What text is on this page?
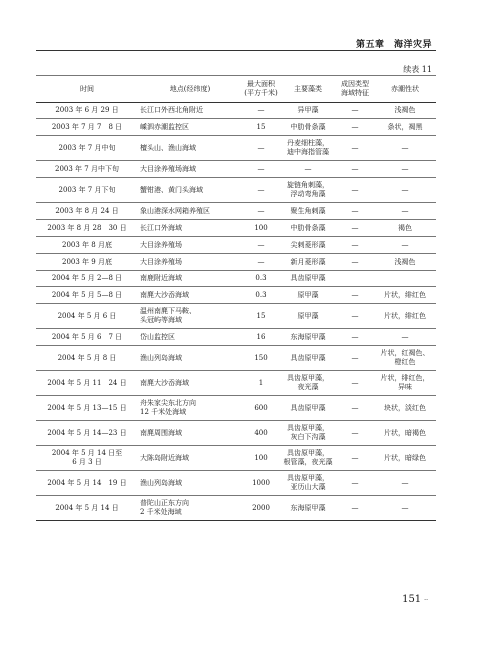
第五章　海洋灾异
续表 11
时间	地点(经纬度)	最大面积
(平方千米)	主要藻类	成因类型
海域特征	赤潮性状
2003 年 6 月 29 日	长江口外西北角附近	—	异甲藻	—	浅褐色
2003 年 7 月 7　8 日	嵊泗赤潮监控区	15	中肋骨条藻	—	条状，褐黑
2003 年 7 月中旬	檀头山、渔山海域	—	丹麦细柱藻，
迪中海指管藻	—	—
2003 年 7 月中下旬	大目涂养殖场海域	—	—	—	—
2003 年 7 月下旬	蟹钳港、黄门头海域	—	旋链角刺藻，
浮动弯角藻	—	—
2003 年 8 月 24 日	象山港深水网箱养殖区	—	聚生角刺藻	—	—
2003 年 8 月 28　30 日	长江口外海域	100	中肋骨条藻	—	褐色
2003 年 8 月底	大目涂养殖场	—	尖刺菱形藻	—	—
2003 年 9 月底	大目涂养殖场	—	新月菱形藻	—	浅褐色
2004 年 5 月 2—8 日	南鹿附近海域	0.3	具齿原甲藻		
2004 年 5 月 5—8 日	南麂大沙岙海域	0.3	原甲藻	—	片状，绯红色
2004 年 5 月 6 日	温州南麂下马鞍、
头冠屿等海域	15	原甲藻	—	片状，绯红色
2004 年 5 月 6　7 日	岱山监控区	16	东海原甲藻	—	—
2004 年 5 月 8 日	渔山列岛海域	150	具齿原甲藻	—	片状，红褐色、
橙红色
2004 年 5 月 11　24 日	南麂大沙岙海域	1	具齿原甲藻，
夜光藻	—	片状，绯红色，
异味
2004 年 5 月 13—15 日	舟朱家尖东北方向
12 千米处海域	600	具齿原甲藻	—	块状，淡红色
2004 年 5 月 14—23 日	南麂周围海域	400	具齿原甲藻，
灰白下沟藻	—	片状，暗褐色
2004 年 5 月 14 日至
6 月 3 日	大陈岛附近海域	100	具齿原甲藻，
根管藻，夜光藻	—	片状，暗绿色
2004 年 5 月 14　19 日	渔山列岛海域	1000	具齿原甲藻，
亚历山大藻	—	—
2004 年 5 月 14 日	普陀山正东方向
2 千米处海域	2000	东海原甲藻	—	—
151 ··
